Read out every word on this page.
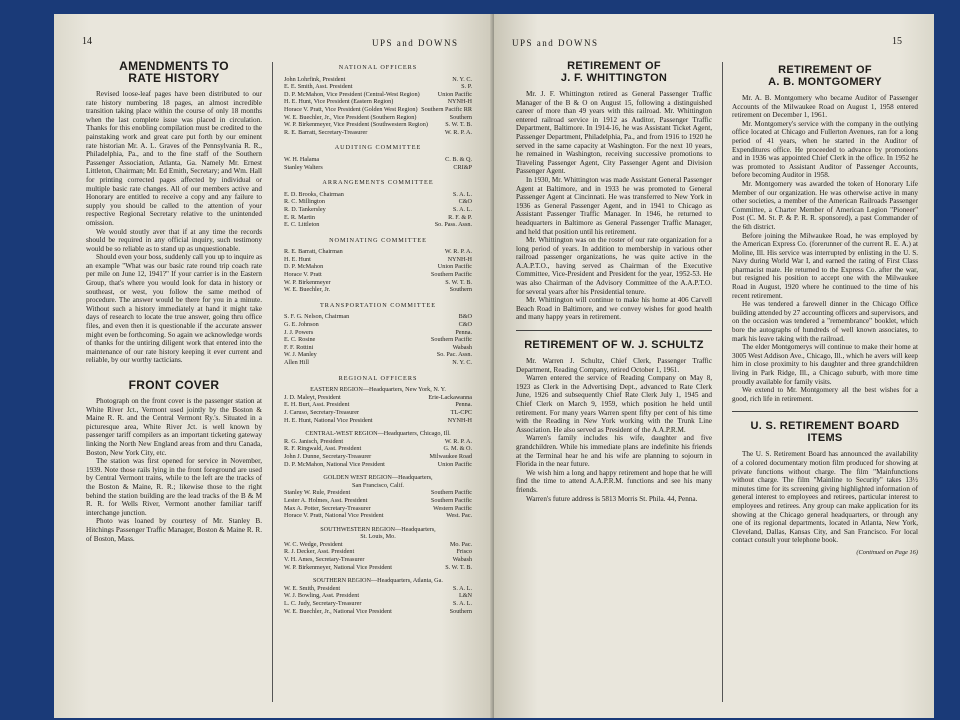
14	UPS and DOWNS
AMENDMENTS TO
RATE HISTORY

Revised loose-leaf pages have been distributed to our rate history numbering 18 pages, an almost incredible transition taking place within the course of only 18 months when the last complete issue was placed in circulation. Thanks for this enobling compilation must be credited to the painstaking work and great care put forth by our eminent rate historian Mr. A. L. Graves of the Pennsylvania R. R., Philadelphia, Pa., and to the fine staff of the Southern Passenger Association, Atlanta, Ga. Namely Mr. Ernest Littleton, Chairman; Mr. Ed Emith, Secretary; and Wm. Hall for printing corrected pages affected by individual or multiple basic rate changes. All of our members active and Honorary are entitled to receive a copy and any failure to supply you should be called to the attention of your respective Regional Secretary relative to the unintended omission.

We would stoutly aver that if at any time the records should be required in any official inquiry, such testimony would be so reliable as to stand up as unquestionable.

Should even your boss, suddenly call you up to inquire as an example "What was our basic rate round trip coach rate per mile on June 12, 1941?" If your carrier is in the Eastern Group, that's where you would look for data in history or southeast, or west, you follow the same method of procedure. The answer would be there for you in a minute. Without such a history immediately at hand it might take days of research to locate the true answer, going thru office files, and even then it is questionable if the accurate answer might even be forthcoming. So again we acknowledge words of thanks for the untiring diligent work that entered into the maintenance of our rate history keeping it ever current and reliable, by our worthy tacticians.

FRONT COVER

Photograph on the front cover is the passenger station at White River Jct., Vermont used jointly by the Boston & Maine R. R. and the Central Vermont Ry.'s. Situated in a picturesque area, White River Jct. is well known by passenger tariff compilers as an important ticketing gateway linking the North New England areas from and thru Canada, Boston, New York City, etc.

The station was first opened for service in November, 1939. Note those rails lying in the front foreground are used by Central Vermont trains, while to the left are the tracks of the Boston & Maine, R. R.; likewise those to the right behind the station building are the lead tracks of the B & M R. R. for Wells River, Vermont another familiar tariff interchange junction.

Photo was loaned by courtesy of Mr. Stanley B. Hitchings Passenger Traffic Manager, Boston & Maine R. R. of Boston, Mass.

NATIONAL OFFICERS
John Lohrfink, President	N. Y. C.
E. E. Smith, Asst. President	S. P.
D. P. McMahon, Vice President (Central-West Region)	Union Pacific
H. E. Hunt, Vice President (Eastern Region)	NYNH-H
Horace V. Pratt, Vice President (Golden West Region) Southern Pacific RR
W. E. Buechler, Jr., Vice President (Southern Region)	Southern
W. P. Birkenmeyer, Vice President (Southwestern Region)	S. W. T. B.
R. E. Barratt, Secretary-Treasurer	W. R. P. A.
AUDITING COMMITTEE
W. H. Halama	C. B. & Q.
Stanley Walters	CRI&P
ARRANGEMENTS COMMITTEE
E. D. Brooks, Chairman	S. A. L.
R. C. Millington	C&O
R. D. Tankersley	S. A. L.
E. R. Martin	R. F. & P.
E. C. Littleton	So. Pass. Assn.
NOMINATING COMMITTEE
R. E. Barratt, Chairman	W. R. P. A.
H. E. Hunt	NYNH-H
D. P. McMahon	Union Pacific
Horace V. Pratt	Southern Pacific
W. P. Birkenmeyer	S. W. T. B.
W. E. Buechler, Jr.	Southern
TRANSPORTATION COMMITTEE
S. F. G. Nelson, Chairman	B&O
G. E. Johnson	C&O
J. J. Powers	Penna.
E. C. Rosine	Southern Pacific
F. F. Rottini	Wabash
W. J. Manley	So. Pac. Assn.
Allen Hill	N. Y. C.
REGIONAL OFFICERS
EASTERN REGION—Headquarters, New York, N. Y.
J. D. Maleyt, President	Erie-Lackawanna
E. H. Burt, Asst. President	Penna.
J. Caruso, Secretary-Treasurer	TL-CPC
H. E. Hunt, National Vice President	NYNH-H
CENTRAL-WEST REGION—Headquarters, Chicago, Ill.
R. G. Janisch, President	W. R. P. A.
R. F. Ringwald, Asst. President	G. M. & O.
John J. Dunne, Secretary-Treasurer	Milwaukee Road
D. P. McMahon, National Vice President	Union Pacific
GOLDEN WEST REGION—Headquarters,
San Francisco, Calif.
Stanley W. Rule, President	Southern Pacific
Lester A. Holmes, Asst. President	Southern Pacific
Max A. Potter, Secretary-Treasurer	Western Pacific
Horace V. Pratt, National Vice President	West. Pac.
SOUTHWESTERN REGION—Headquarters,
St. Louis, Mo.
W. C. Wedge, President	Mo. Pac.
R. J. Decker, Asst. President	Frisco
V. H. Ames, Secretary-Treasurer	Wabash
W. P. Birkenmeyer, National Vice President	S. W. T. B.
SOUTHERN REGION—Headquarters, Atlanta, Ga.
W. E. Smith, President	S. A. L.
W. J. Bowling, Asst. President	L&N
L. C. Judy, Secretary-Treasurer	S. A. L.
W. E. Buechler, Jr., National Vice President	Southern
UPS and DOWNS	15
RETIREMENT OF
J. F. WHITTINGTON

Mr. J. F. Whittington retired as General Passenger Traffic Manager of the B & O on August 15, following a distinguished career of more than 49 years with this railroad. Mr. Whittington entered railroad service in 1912 as Auditor, Passenger Traffic Department, Baltimore. In 1914-16, he was Assistant Ticket Agent, Passenger Department, Philadelphia, Pa., and from 1916 to 1920 he served in the same capacity at Washington. For the next 10 years, he remained in Washington, receiving successive promotions to Traveling Passenger Agent, City Passenger Agent and Division Passenger Agent.

In 1930, Mr. Whittington was made Assistant General Passenger Agent at Baltimore, and in 1933 he was promoted to General Passenger Agent at Cincinnati. He was transferred to New York in 1936 as General Passenger Agent, and in 1941 to Chicago as Assistant Passenger Traffic Manager. In 1946, he returned to headquarters in Baltimore as General Passenger Traffic Manager, and held that position until his retirement.

Mr. Whittington was on the roster of our rate organization for a long period of years. In addition to membership in various other railroad passenger organizations, he was quite active in the A.A.P.T.O., having served as Chairman of the Executive Committee, Vice-President and President for the year, 1952-53. He was also Chairman of the Advisory Committee of the A.A.P.T.O. for several years after his Presidential tenure.

Mr. Whittington will continue to make his home at 406 Carvell Beach Road in Baltimore, and we convey wishes for good health and many happy years in retirement.

RETIREMENT OF W. J. SCHULTZ

Mr. Warren J. Schultz, Chief Clerk, Passenger Traffic Department, Reading Company, retired October 1, 1961.

Warren entered the service of Reading Company on May 8, 1923 as Clerk in the Advertising Dept., advanced to Rate Clerk June, 1926 and subsequently Chief Rate Clerk July 1, 1945 and Chief Clerk on March 9, 1959, which position he held until retirement. For many years Warren spent fifty per cent of his time with the Reading in New York working with the Trunk Line Association. He also served as President of the A.A.P.R.M.

Warren's family includes his wife, daughter and five grandchildren. While his immediate plans are indefinite his friends at the Terminal hear he and his wife are planning to sojourn in Florida in the near future.

We wish him a long and happy retirement and hope that he will find the time to attend A.A.P.R.M. functions and see his many friends.

Warren's future address is 5813 Morris St. Phila. 44, Penna.

RETIREMENT OF
A. B. MONTGOMERY

Mr. A. B. Montgomery who became Auditor of Passenger Accounts of the Milwaukee Road on August 1, 1958 entered retirement on December 1, 1961.

Mr. Montgomery's service with the company in the outlying office located at Chicago and Fullerton Avenues, ran for a long period of 41 years, when he started in the Auditor of Expenditures office. He proceeded to advance by promotions and in 1936 was appointed Chief Clerk in the office. In 1952 he was promoted to Assistant Auditor of Passenger Accounts, before becoming Auditor in 1958.

Mr. Montgomery was awarded the token of Honorary Life Member of our organization. He was otherwise active in many other societies, a member of the American Railroads Passenger Committee, a Charter Member of American Legion "Pioneer" Post (C. M. St. P. & P. R. R. sponsored), a past Commander of the 6th district.

Before joining the Milwaukee Road, he was employed by the American Express Co. (forerunner of the current R. E. A.) at Moline, Ill. His service was interrupted by enlisting in the U. S. Navy during World War I, and earned the rating of First Class pharmacist mate. He returned to the Express Co. after the war, but resigned his position to accept one with the Milwaukee Road in August, 1920 where he continued to the time of his recent retirement.

He was tendered a farewell dinner in the Chicago Office building attended by 27 accounting officers and supervisors, and on the occasion was tendered a "remembrance" booklet, which bore the autographs of hundreds of well known associates, to mark his leave taking with the railroad.

The elder Montgomerys will continue to make their home at 3005 West Addison Ave., Chicago, Ill., which he avers will keep him in close proximity to his daughter and three grandchildren living in Park Ridge, Ill., a Chicago suburb, with more time proudly available for family visits.

We extend to Mr. Montgomery all the best wishes for a good, rich life in retirement.

U. S. RETIREMENT BOARD ITEMS

The U. S. Retirement Board has announced the availability of a colored documentary motion film produced for showing at private functions without charge. The film "Mainfunctions without charge. The film "Mainline to Security" takes 13½ minutes time for its screening giving highlighted information of general interest to employees and retirees, particular interest to employees and retirees. Any group can make application for its showing at the Chicago general headquarters, or through any one of its regional departments, located in Atlanta, New York, Cleveland, Dallas, Kansas City, and San Francisco. For local contact consult your telephone book.

(Continued on Page 16)
